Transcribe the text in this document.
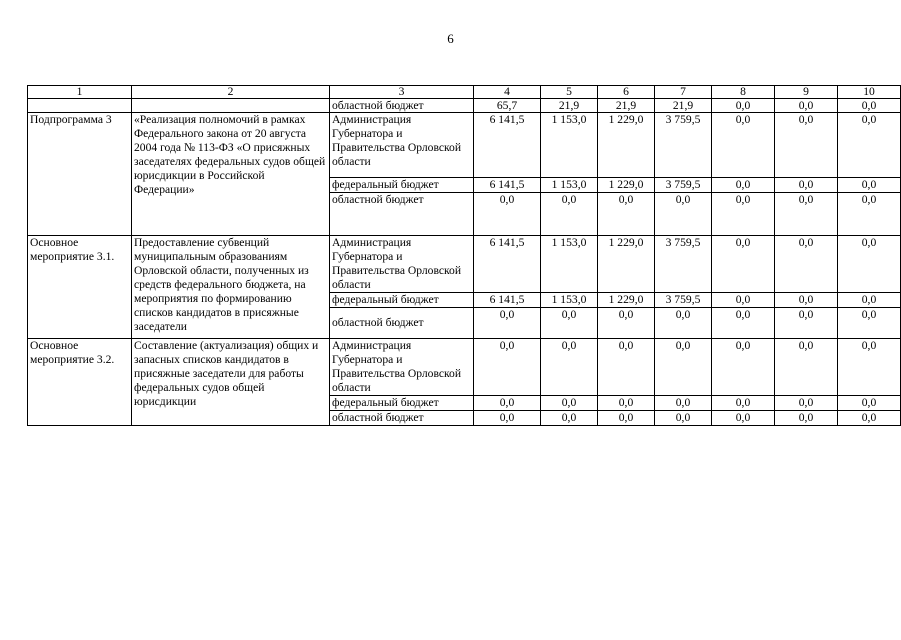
6
1	2	3	4	5	6	7	8	9	10
		областной бюджет	65,7	21,9	21,9	21,9	0,0	0,0	0,0
Подпрограмма 3	«Реализация полномочий в рамках Федерального закона от 20 августа 2004 года № 113-ФЗ «О присяжных заседателях федеральных судов общей юрисдикции в Российской Федерации»	Администрация Губернатора и Правительства Орловской области	6 141,5	1 153,0	1 229,0	3 759,5	0,0	0,0	0,0
		федеральный бюджет	6 141,5	1 153,0	1 229,0	3 759,5	0,0	0,0	0,0
		областной бюджет	0,0	0,0	0,0	0,0	0,0	0,0	0,0
Основное мероприятие 3.1.	Предоставление субвенций муниципальным образованиям Орловской области, полученных из средств федерального бюджета, на мероприятия по формированию списков кандидатов в присяжные заседатели	Администрация Губернатора и Правительства Орловской области	6 141,5	1 153,0	1 229,0	3 759,5	0,0	0,0	0,0
		федеральный бюджет	6 141,5	1 153,0	1 229,0	3 759,5	0,0	0,0	0,0
		областной бюджет	0,0	0,0	0,0	0,0	0,0	0,0	0,0
Основное мероприятие 3.2.	Составление (актуализация) общих и запасных списков кандидатов в присяжные заседатели для работы федеральных судов общей юрисдикции	Администрация Губернатора и Правительства Орловской области	0,0	0,0	0,0	0,0	0,0	0,0	0,0
		федеральный бюджет	0,0	0,0	0,0	0,0	0,0	0,0	0,0
		областной бюджет	0,0	0,0	0,0	0,0	0,0	0,0	0,0
